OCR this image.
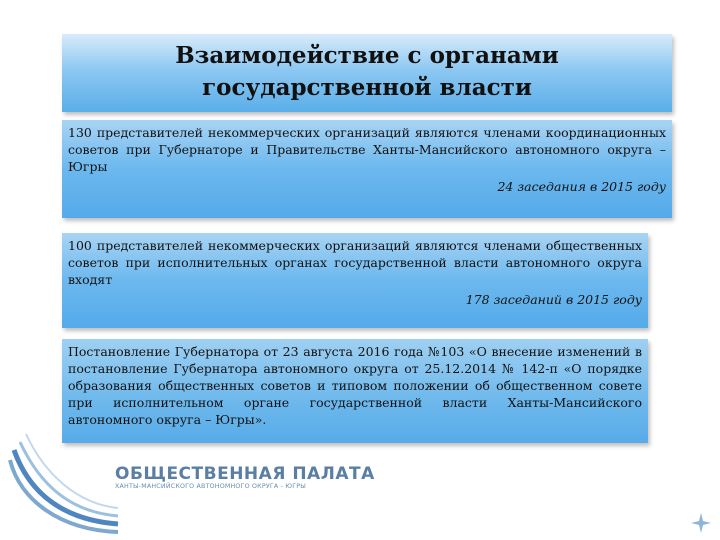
Взаимодействие с органами
государственной власти

130 представителей некоммерческих организаций являются членами координационных советов при Губернаторе и Правительстве Ханты-Мансийского автономного округа – Югры

24 заседания в 2015 году

100 представителей некоммерческих организаций являются членами общественных советов при исполнительных органах государственной власти автономного округа входят

178 заседаний в 2015 году

Постановление Губернатора от 23 августа 2016 года №103 «О внесение изменений в постановление Губернатора автономного округа от 25.12.2014 № 142-п «О порядке образования общественных советов и типовом положении об общественном совете при исполнительном органе государственной власти Ханты-Мансийского автономного округа – Югры».

ОБЩЕСТВЕННАЯ ПАЛАТА
ХАНТЫ-МАНСИЙСКОГО АВТОНОМНОГО ОКРУГА - ЮГРЫ
